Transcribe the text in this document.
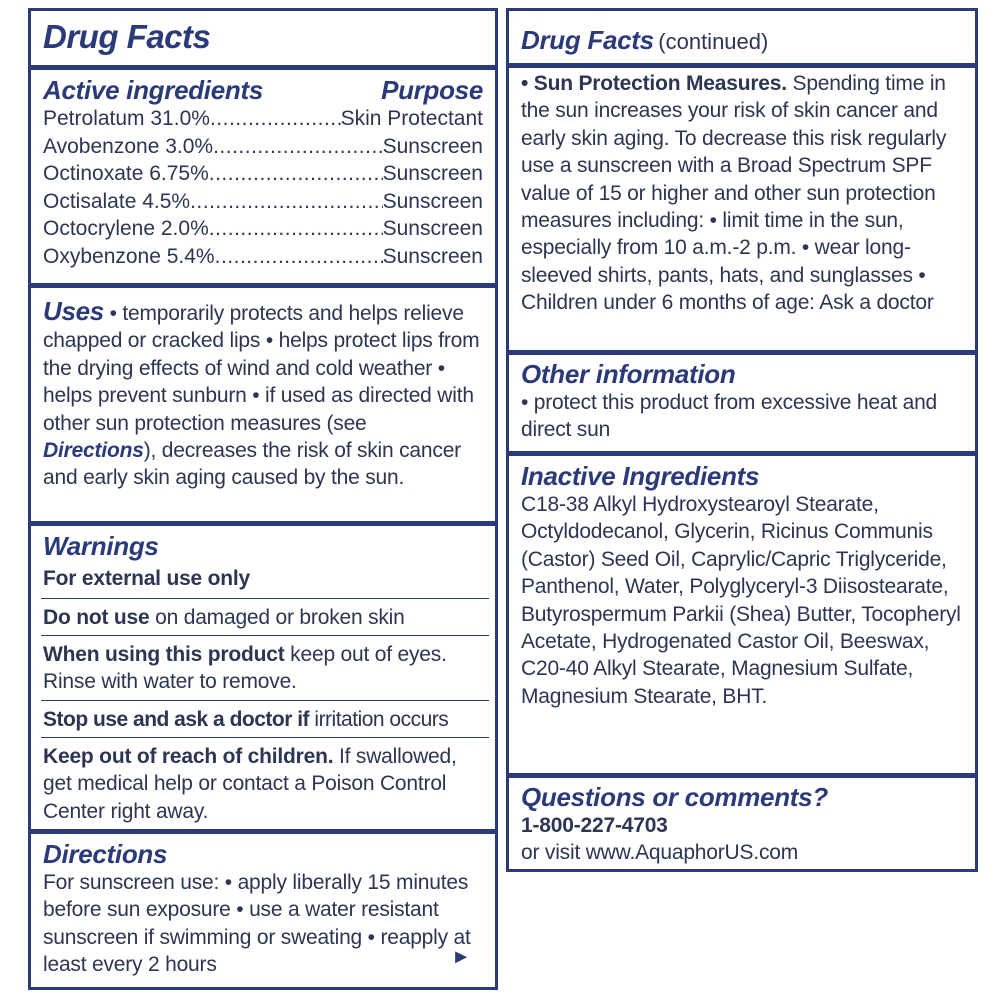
Drug Facts
Active ingredients	Purpose
Petrolatum 31.0% .....	Skin Protectant
Avobenzone 3.0% .....	Sunscreen
Octinoxate 6.75% .....	Sunscreen
Octisalate 4.5% .....	Sunscreen
Octocrylene 2.0% .....	Sunscreen
Oxybenzone 5.4% .....	Sunscreen
Uses • temporarily protects and helps relieve chapped or cracked lips • helps protect lips from the drying effects of wind and cold weather • helps prevent sunburn • if used as directed with other sun protection measures (see Directions), decreases the risk of skin cancer and early skin aging caused by the sun.
Warnings
For external use only
Do not use on damaged or broken skin
When using this product keep out of eyes. Rinse with water to remove.
Stop use and ask a doctor if irritation occurs
Keep out of reach of children. If swallowed, get medical help or contact a Poison Control Center right away.
Directions
For sunscreen use: • apply liberally 15 minutes before sun exposure • use a water resistant sunscreen if swimming or sweating • reapply at least every 2 hours	►
Drug Facts (continued)
• Sun Protection Measures. Spending time in the sun increases your risk of skin cancer and early skin aging. To decrease this risk regularly use a sunscreen with a Broad Spectrum SPF value of 15 or higher and other sun protection measures including: • limit time in the sun, especially from 10 a.m.-2 p.m. • wear long-sleeved shirts, pants, hats, and sunglasses • Children under 6 months of age: Ask a doctor
Other information
• protect this product from excessive heat and direct sun
Inactive Ingredients
C18-38 Alkyl Hydroxystearoyl Stearate, Octyldodecanol, Glycerin, Ricinus Communis (Castor) Seed Oil, Caprylic/Capric Triglyceride, Panthenol, Water, Polyglyceryl-3 Diisostearate, Butyrospermum Parkii (Shea) Butter, Tocopheryl Acetate, Hydrogenated Castor Oil, Beeswax, C20-40 Alkyl Stearate, Magnesium Sulfate, Magnesium Stearate, BHT.
Questions or comments?
1-800-227-4703
or visit www.AquaphorUS.com
